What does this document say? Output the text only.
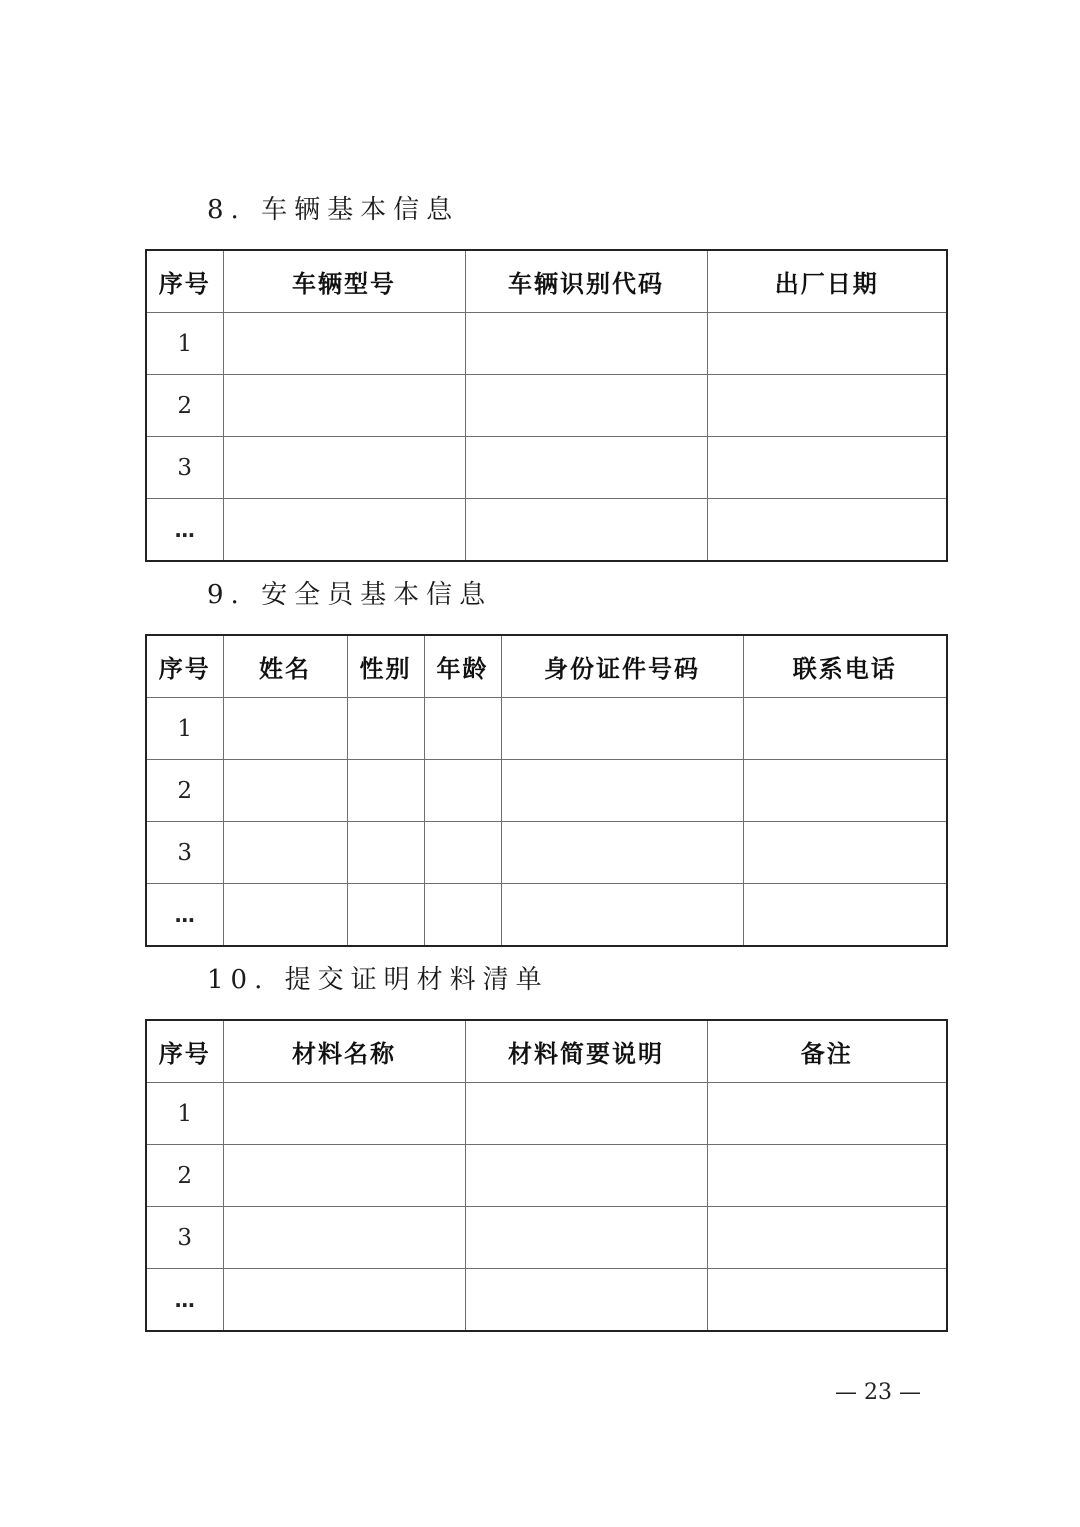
8. 车辆基本信息
序号	车辆型号	车辆识别代码	出厂日期
1			
2			
3			
…			
9. 安全员基本信息
序号	姓名	性别	年龄	身份证件号码	联系电话
1					
2					
3					
…					
10. 提交证明材料清单
序号	材料名称	材料简要说明	备注
1			
2			
3			
…			
— 23 —
